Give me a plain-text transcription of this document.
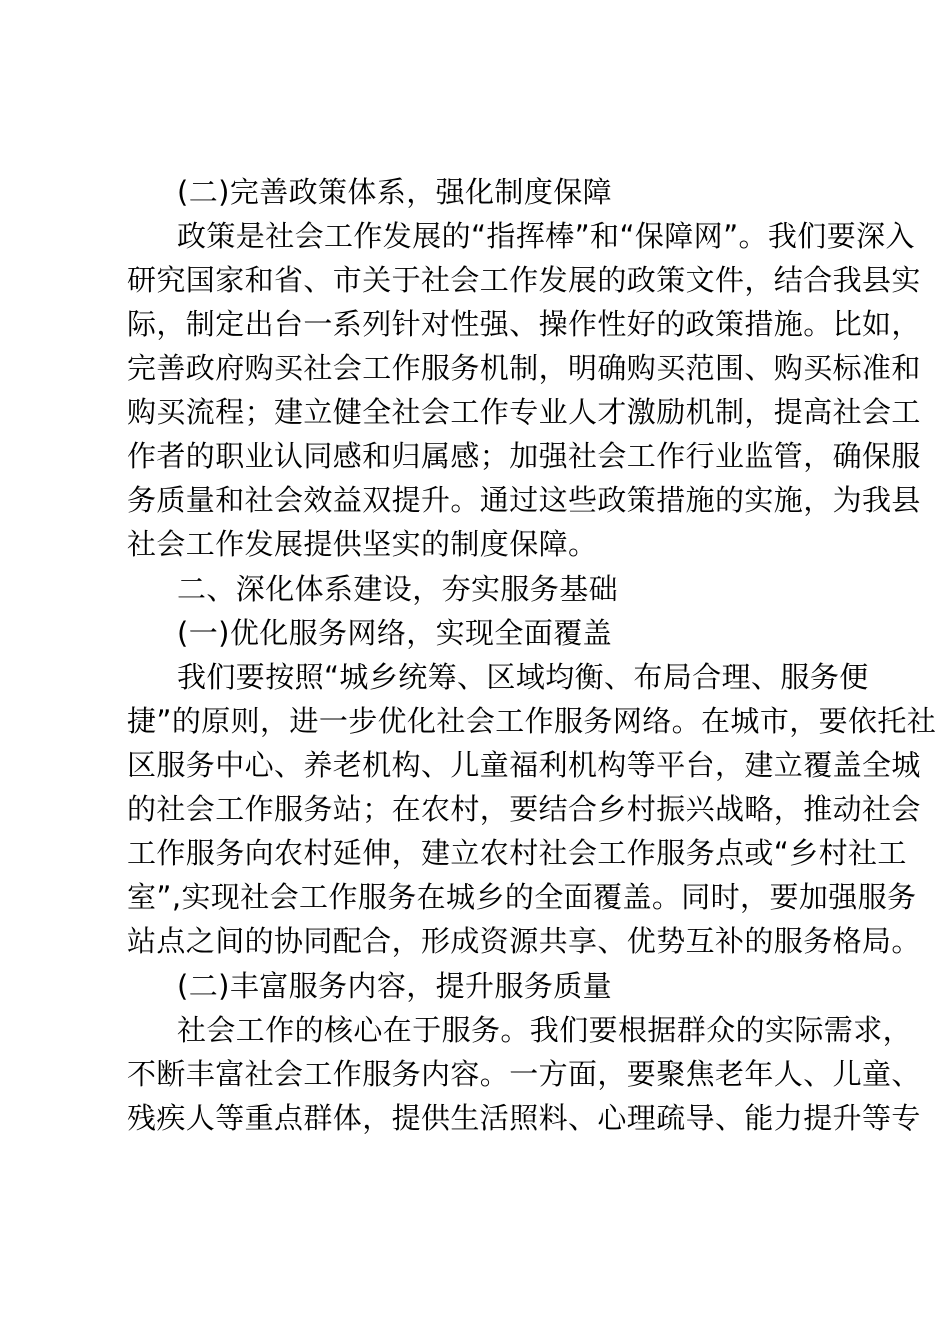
(二)完善政策体系，强化制度保障
政策是社会工作发展的“指挥棒”和“保障网”。我们要深入
研究国家和省、市关于社会工作发展的政策文件，结合我县实
际，制定出台一系列针对性强、操作性好的政策措施。比如，
完善政府购买社会工作服务机制，明确购买范围、购买标准和
购买流程；建立健全社会工作专业人才激励机制，提高社会工
作者的职业认同感和归属感；加强社会工作行业监管，确保服
务质量和社会效益双提升。通过这些政策措施的实施，为我县
社会工作发展提供坚实的制度保障。
二、深化体系建设，夯实服务基础
(一)优化服务网络，实现全面覆盖
我们要按照“城乡统筹、区域均衡、布局合理、服务便
捷”的原则，进一步优化社会工作服务网络。在城市，要依托社
区服务中心、养老机构、儿童福利机构等平台，建立覆盖全城
的社会工作服务站；在农村，要结合乡村振兴战略，推动社会
工作服务向农村延伸，建立农村社会工作服务点或“乡村社工
室”,实现社会工作服务在城乡的全面覆盖。同时，要加强服务
站点之间的协同配合，形成资源共享、优势互补的服务格局。
(二)丰富服务内容，提升服务质量
社会工作的核心在于服务。我们要根据群众的实际需求，
不断丰富社会工作服务内容。一方面，要聚焦老年人、儿童、
残疾人等重点群体，提供生活照料、心理疏导、能力提升等专
